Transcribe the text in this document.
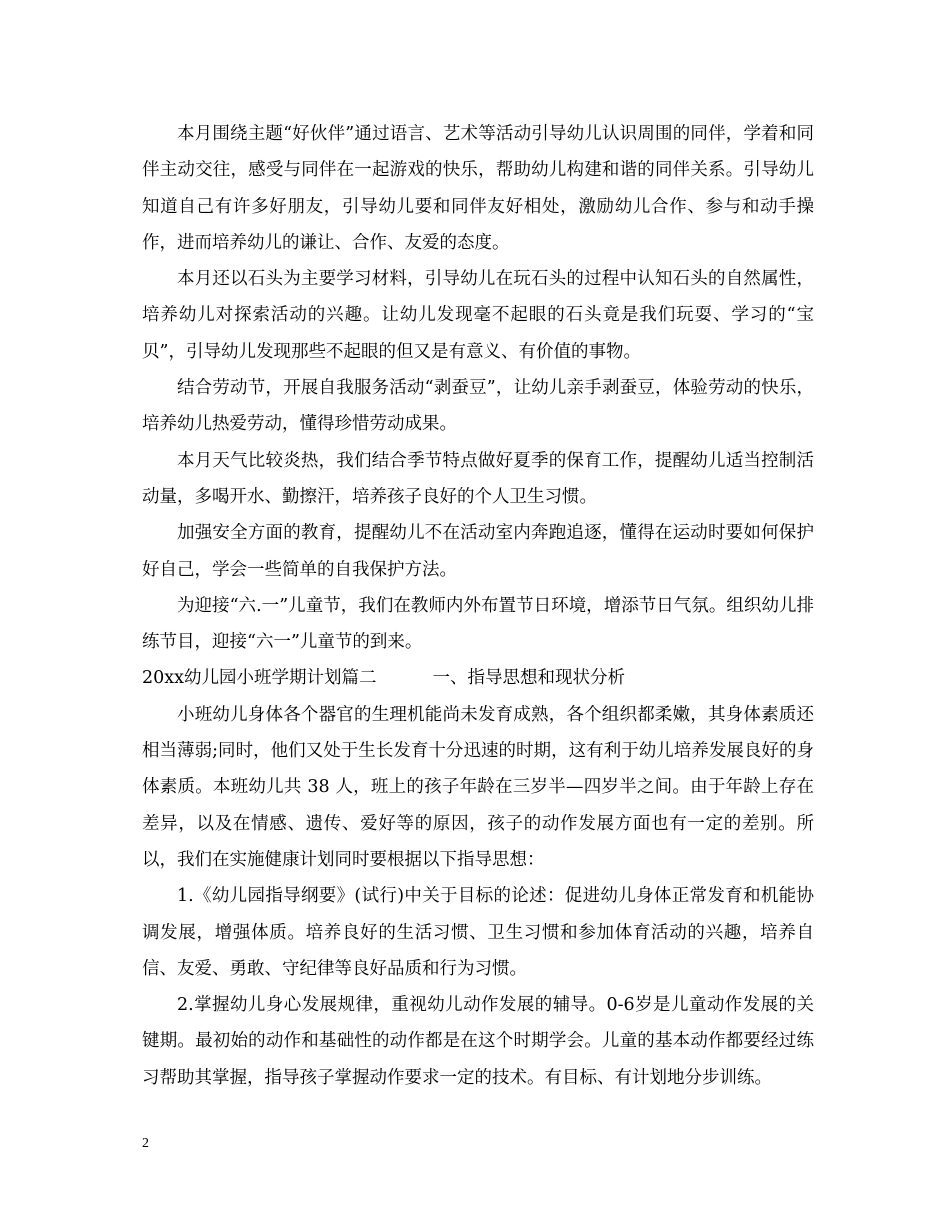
本月围绕主题“好伙伴”通过语言、艺术等活动引导幼儿认识周围的同伴，学着和同伴主动交往，感受与同伴在一起游戏的快乐，帮助幼儿构建和谐的同伴关系。引导幼儿知道自己有许多好朋友，引导幼儿要和同伴友好相处，激励幼儿合作、参与和动手操作，进而培养幼儿的谦让、合作、友爱的态度。

本月还以石头为主要学习材料，引导幼儿在玩石头的过程中认知石头的自然属性，培养幼儿对探索活动的兴趣。让幼儿发现毫不起眼的石头竟是我们玩耍、学习的“宝贝”，引导幼儿发现那些不起眼的但又是有意义、有价值的事物。

结合劳动节，开展自我服务活动“剥蚕豆”，让幼儿亲手剥蚕豆，体验劳动的快乐，培养幼儿热爱劳动，懂得珍惜劳动成果。

本月天气比较炎热，我们结合季节特点做好夏季的保育工作，提醒幼儿适当控制活动量，多喝开水、勤擦汗，培养孩子良好的个人卫生习惯。

加强安全方面的教育，提醒幼儿不在活动室内奔跑追逐，懂得在运动时要如何保护好自己，学会一些简单的自我保护方法。

为迎接“六.一”儿童节，我们在教师内外布置节日环境，增添节日气氛。组织幼儿排练节目，迎接“六一”儿童节的到来。

20xx幼儿园小班学期计划篇二	一、指导思想和现状分析

小班幼儿身体各个器官的生理机能尚未发育成熟，各个组织都柔嫩，其身体素质还相当薄弱;同时，他们又处于生长发育十分迅速的时期，这有利于幼儿培养发展良好的身体素质。本班幼儿共 38 人，班上的孩子年龄在三岁半—四岁半之间。由于年龄上存在差异，以及在情感、遗传、爱好等的原因，孩子的动作发展方面也有一定的差别。所以，我们在实施健康计划同时要根据以下指导思想：

1.《幼儿园指导纲要》(试行)中关于目标的论述：促进幼儿身体正常发育和机能协调发展，增强体质。培养良好的生活习惯、卫生习惯和参加体育活动的兴趣，培养自信、友爱、勇敢、守纪律等良好品质和行为习惯。

2.掌握幼儿身心发展规律，重视幼儿动作发展的辅导。0-6岁是儿童动作发展的关键期。最初始的动作和基础性的动作都是在这个时期学会。儿童的基本动作都要经过练习帮助其掌握，指导孩子掌握动作要求一定的技术。有目标、有计划地分步训练。

2
